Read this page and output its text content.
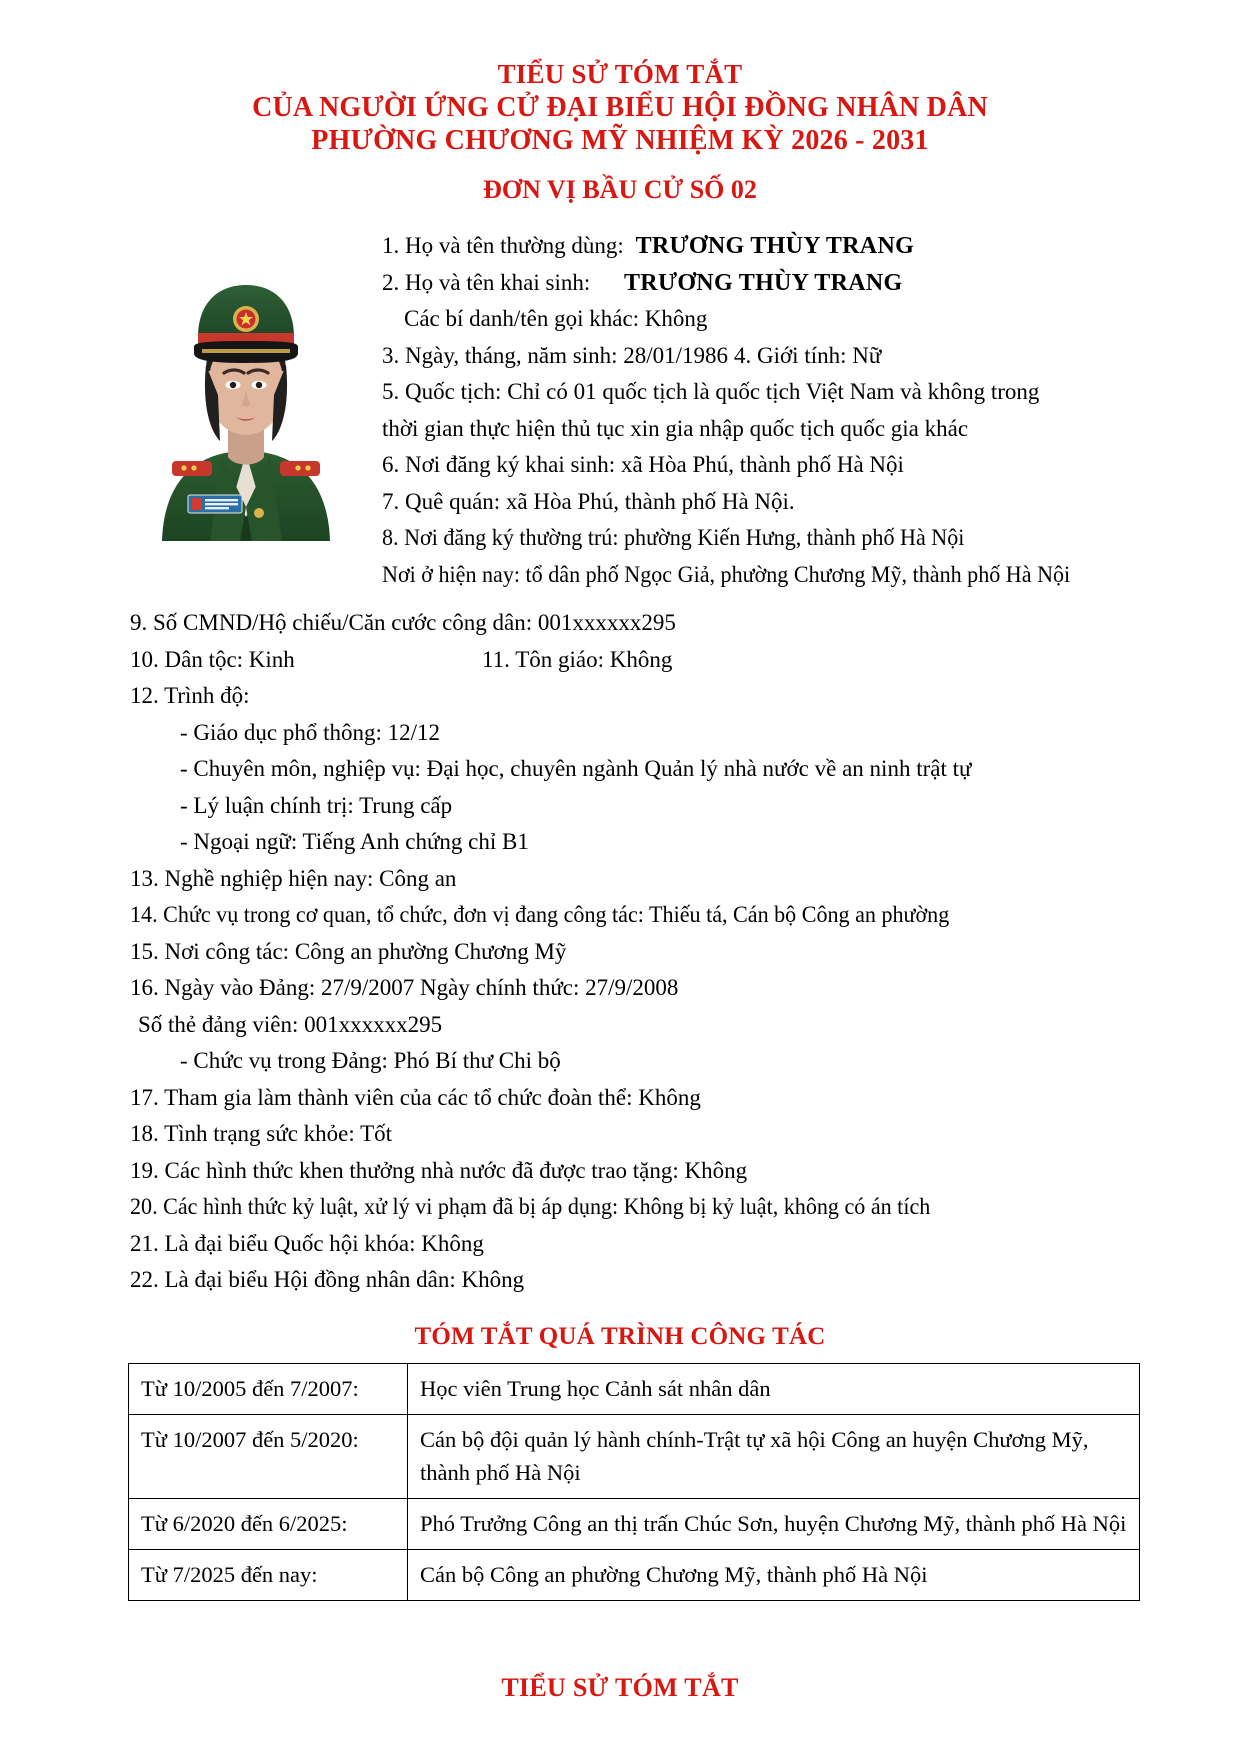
TIỂU SỬ TÓM TẮT
CỦA NGƯỜI ỨNG CỬ ĐẠI BIỂU HỘI ĐỒNG NHÂN DÂN
PHƯỜNG CHƯƠNG MỸ NHIỆM KỲ 2026 - 2031
ĐƠN VỊ BẦU CỬ SỐ 02
1. Họ và tên thường dùng: TRƯƠNG THÙY TRANG
2. Họ và tên khai sinh: TRƯƠNG THÙY TRANG
Các bí danh/tên gọi khác: Không
3. Ngày, tháng, năm sinh: 28/01/1986 4. Giới tính: Nữ
5. Quốc tịch: Chỉ có 01 quốc tịch là quốc tịch Việt Nam và không trong
thời gian thực hiện thủ tục xin gia nhập quốc tịch quốc gia khác
6. Nơi đăng ký khai sinh: xã Hòa Phú, thành phố Hà Nội
7. Quê quán: xã Hòa Phú, thành phố Hà Nội.
8. Nơi đăng ký thường trú: phường Kiến Hưng, thành phố Hà Nội
Nơi ở hiện nay: tổ dân phố Ngọc Giả, phường Chương Mỹ, thành phố Hà Nội
9. Số CMND/Hộ chiếu/Căn cước công dân: 001xxxxxx295
10. Dân tộc: Kinh	11. Tôn giáo: Không
12. Trình độ:
- Giáo dục phổ thông: 12/12
- Chuyên môn, nghiệp vụ: Đại học, chuyên ngành Quản lý nhà nước về an ninh trật tự
- Lý luận chính trị: Trung cấp
- Ngoại ngữ: Tiếng Anh chứng chỉ B1
13. Nghề nghiệp hiện nay: Công an
14. Chức vụ trong cơ quan, tổ chức, đơn vị đang công tác: Thiếu tá, Cán bộ Công an phường
15. Nơi công tác: Công an phường Chương Mỹ
16. Ngày vào Đảng: 27/9/2007 Ngày chính thức: 27/9/2008
Số thẻ đảng viên: 001xxxxxx295
- Chức vụ trong Đảng: Phó Bí thư Chi bộ
17. Tham gia làm thành viên của các tổ chức đoàn thể: Không
18. Tình trạng sức khỏe: Tốt
19. Các hình thức khen thưởng nhà nước đã được trao tặng: Không
20. Các hình thức kỷ luật, xử lý vi phạm đã bị áp dụng: Không bị kỷ luật, không có án tích
21. Là đại biểu Quốc hội khóa: Không
22. Là đại biểu Hội đồng nhân dân: Không
TÓM TẮT QUÁ TRÌNH CÔNG TÁC
Từ 10/2005 đến 7/2007:	Học viên Trung học Cảnh sát nhân dân
Từ 10/2007 đến 5/2020:	Cán bộ đội quản lý hành chính-Trật tự xã hội Công an huyện Chương Mỹ, thành phố Hà Nội
Từ 6/2020 đến 6/2025:	Phó Trưởng Công an thị trấn Chúc Sơn, huyện Chương Mỹ, thành phố Hà Nội
Từ 7/2025 đến nay:	Cán bộ Công an phường Chương Mỹ, thành phố Hà Nội
TIỂU SỬ TÓM TẮT
